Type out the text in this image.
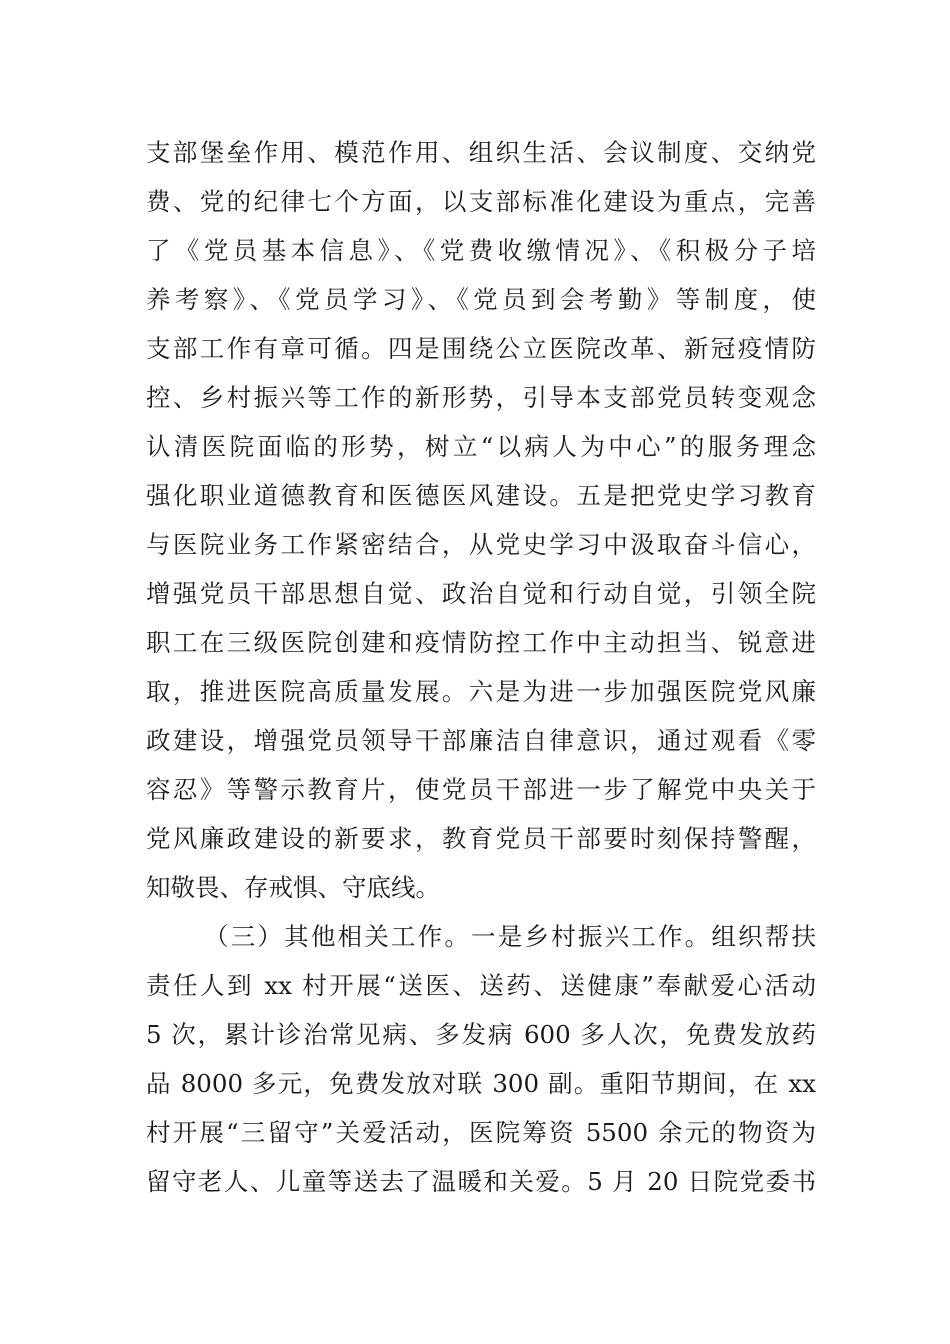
支部堡垒作用、模范作用、组织生活、会议制度、交纳党
费、党的纪律七个方面，以支部标准化建设为重点，完善
了《党员基本信息》、《党费收缴情况》、《积极分子培
养考察》、《党员学习》、《党员到会考勤》等制度，使
支部工作有章可循。四是围绕公立医院改革、新冠疫情防
控、乡村振兴等工作的新形势，引导本支部党员转变观念
认清医院面临的形势，树立“以病人为中心”的服务理念
强化职业道德教育和医德医风建设。五是把党史学习教育
与医院业务工作紧密结合，从党史学习中汲取奋斗信心，
增强党员干部思想自觉、政治自觉和行动自觉，引领全院
职工在三级医院创建和疫情防控工作中主动担当、锐意进
取，推进医院高质量发展。六是为进一步加强医院党风廉
政建设，增强党员领导干部廉洁自律意识，通过观看《零
容忍》等警示教育片，使党员干部进一步了解党中央关于
党风廉政建设的新要求，教育党员干部要时刻保持警醒，
知敬畏、存戒惧、守底线。
（三）其他相关工作。一是乡村振兴工作。组织帮扶
责任人到 xx 村开展“送医、送药、送健康”奉献爱心活动
5 次，累计诊治常见病、多发病 600 多人次，免费发放药
品 8000 多元，免费发放对联 300 副。重阳节期间，在 xx
村开展“三留守”关爱活动，医院筹资 5500 余元的物资为
留守老人、儿童等送去了温暖和关爱。5 月 20 日院党委书
